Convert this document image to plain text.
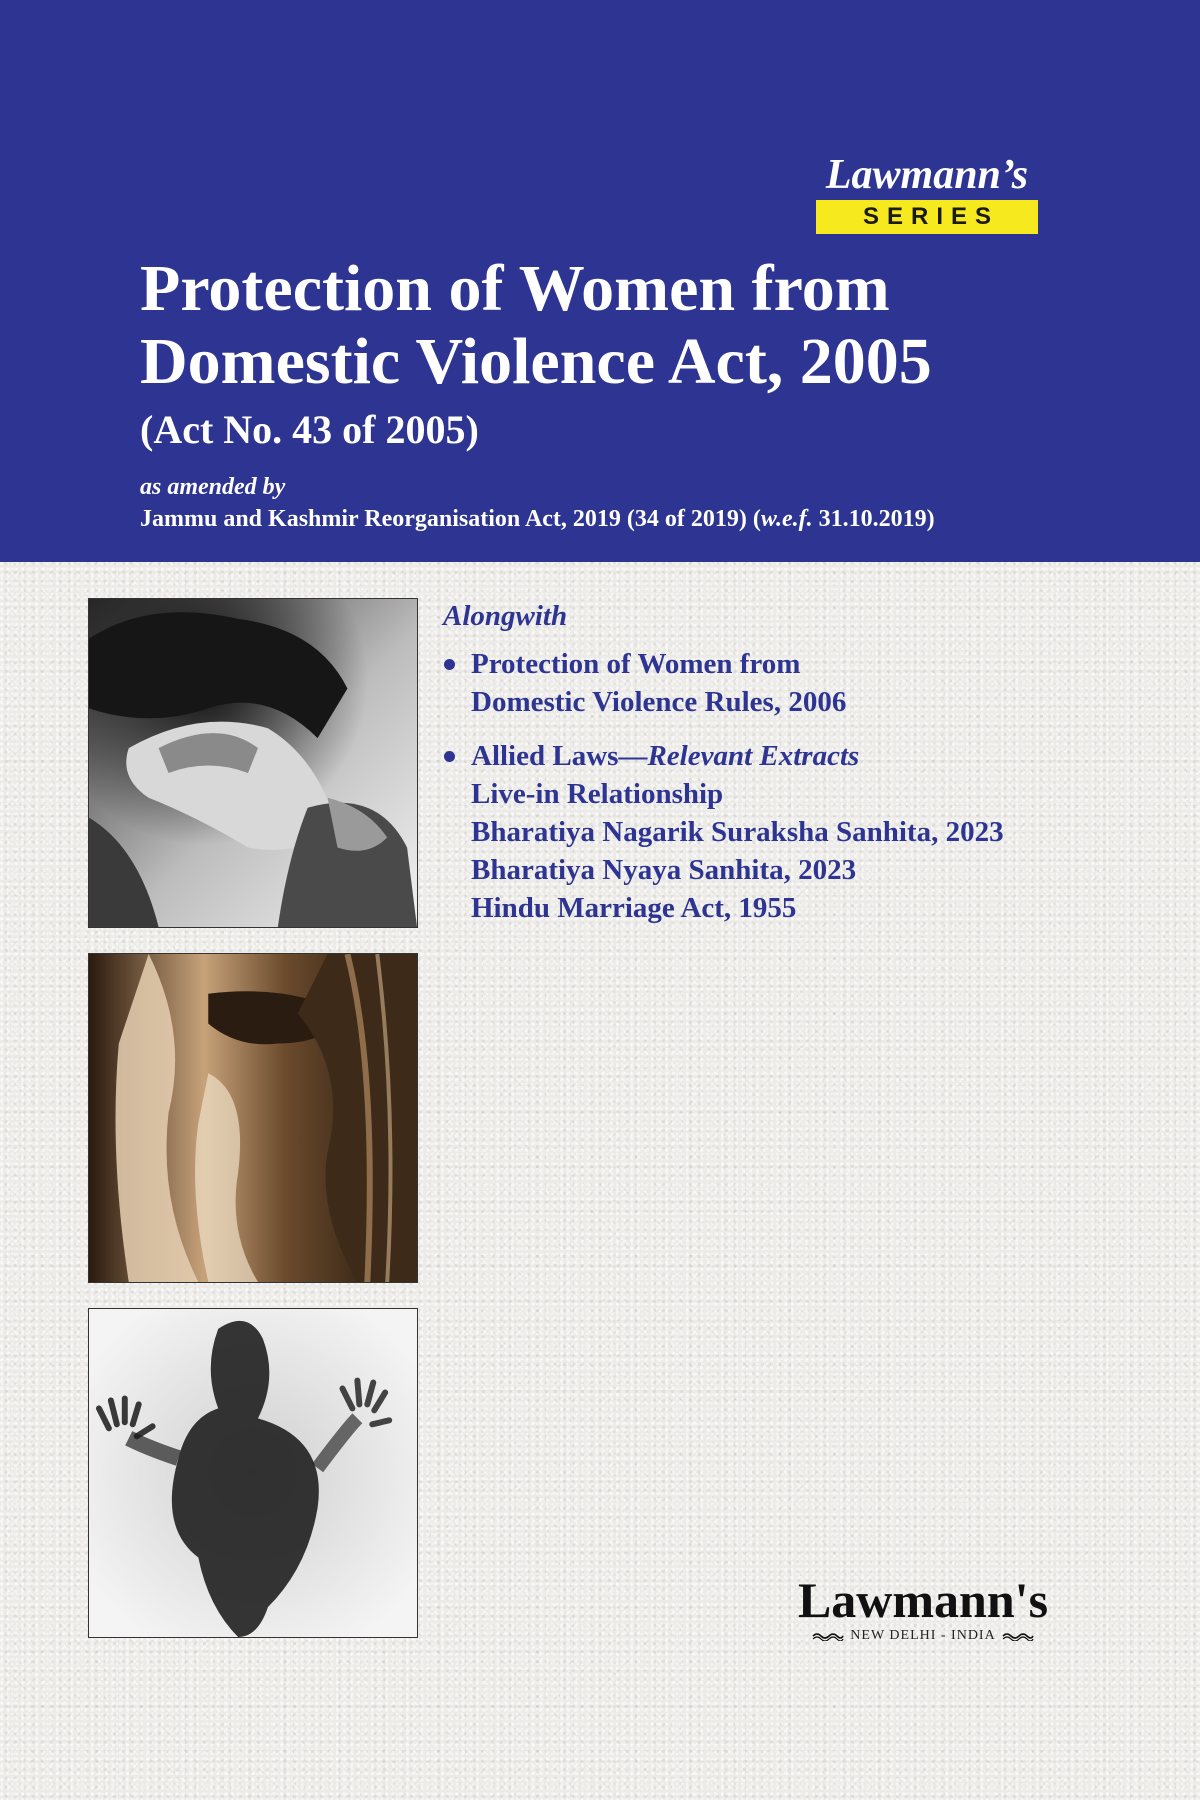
Lawmann’s
SERIES
Protection of Women from
Domestic Violence Act, 2005
(Act No. 43 of 2005)
as amended by
Jammu and Kashmir Reorganisation Act, 2019 (34 of 2019) (w.e.f. 31.10.2019)
Alongwith
Protection of Women from
Domestic Violence Rules, 2006
Allied Laws—Relevant Extracts
Live-in Relationship
Bharatiya Nagarik Suraksha Sanhita, 2023
Bharatiya Nyaya Sanhita, 2023
Hindu Marriage Act, 1955
Lawmann's
NEW DELHI - INDIA
